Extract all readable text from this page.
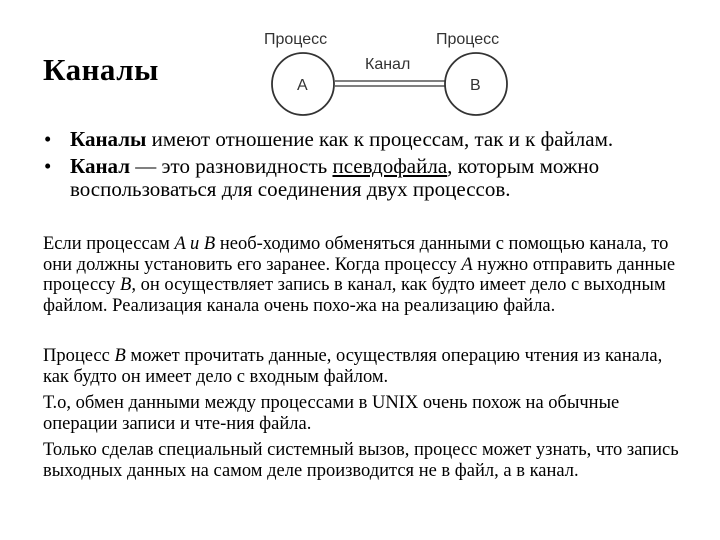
Каналы
Процесс	Процесс
Канал
A	B
• Каналы имеют отношение как к процессам, так и к файлам.
• Канал — это разновидность псевдофайла, которым можно воспользоваться для соединения двух процессов.
Если процессам A и B необ-ходимо обменяться данными с помощью канала, то они должны установить его заранее. Когда процессу А нужно отправить данные процессу В, он осуществляет запись в канал, как будто имеет дело с выходным файлом. Реализация канала очень похо-жа на реализацию файла.
Процесс В может прочитать данные, осуществляя операцию чтения из канала, как будто он имеет дело с входным файлом.
Т.о, обмен данными между процессами в UNIX очень похож на обычные операции записи и чте-ния файла.
Только сделав специальный системный вызов, процесс может узнать, что запись выходных данных на самом деле производится не в файл, а в канал.
